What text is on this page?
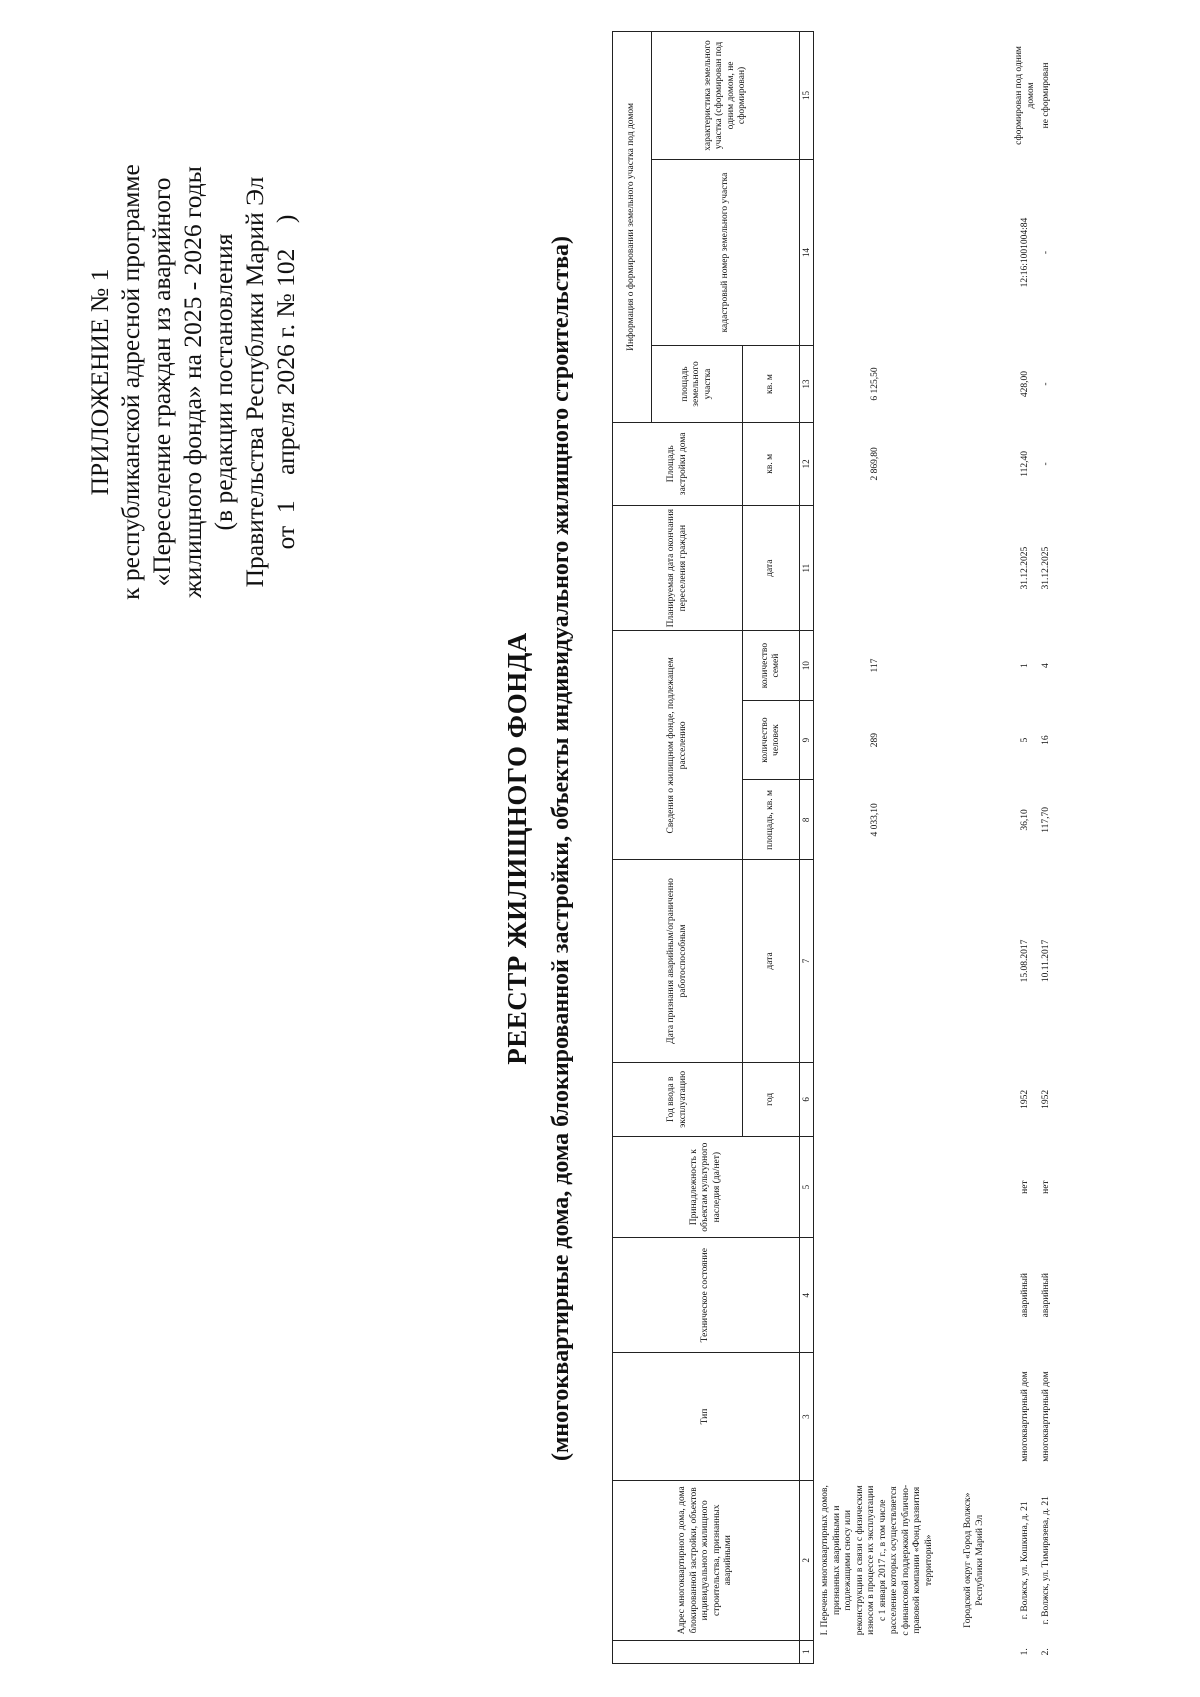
ПРИЛОЖЕНИЕ № 1 к республиканской адресной программе «Переселение граждан из аварийного жилищного фонда» на 2025 - 2026 годы (в редакции постановления Правительства Республики Марий Эл от  1    апреля 2026 г. № 102    )
РЕЕСТР ЖИЛИЩНОГО ФОНДА (многоквартирные дома, дома блокированной застройки, объекты индивидуального жилищного строительства)
	Адрес многоквартирного дома, дома блокированной застройки, объектов индивидуального жилищного строительства, признанных аварийными	Тип	Техническое состояние	Принадлежность к объектам культурного наследия (да/нет)	Год ввода в эксплуатацию	Дата признания аварийным/ограниченно работоспособным	Сведения о жилищном фонде, подлежащем расселению			Планируемая дата окончания переселения граждан	Площадь застройки дома	Информация о формировании земельного участка под домом		
												площадь земельного участка	кадастровый номер земельного участка	характеристика земельного участка (сформирован под одним домом, не сформирован)
					год	дата	площадь, кв. м	количество человек	количество семей	дата	кв. м	кв. м		
1	2	3	4	5	6	7	8	9	10	11	12	13	14	15
	I. Перечень многоквартирных домов, признанных аварийными и подлежащими сносу или реконструкции в связи с физическим износом в процессе их эксплуатации с 1 января 2017 г., в том числе расселение которых осуществляется с финансовой поддержкой публично-правовой компании «Фонд развития территорий»						4 033,10	289	117		2 869,80	6 125,50		

	Городской округ «Город Волжск» Республики Марий Эл													

1.	г. Волжск, ул. Кошкина, д. 21	многоквартирный дом	аварийный	нет	1952	15.08.2017	36,10	5	1	31.12.2025	112,40	428,00	12:16:1001004:84	сформирован под одним домом
2.	г. Волжск, ул. Тимирязева, д. 21	многоквартирный дом	аварийный	нет	1952	10.11.2017	117,70	16	4	31.12.2025	-	-	-	не сформирован
